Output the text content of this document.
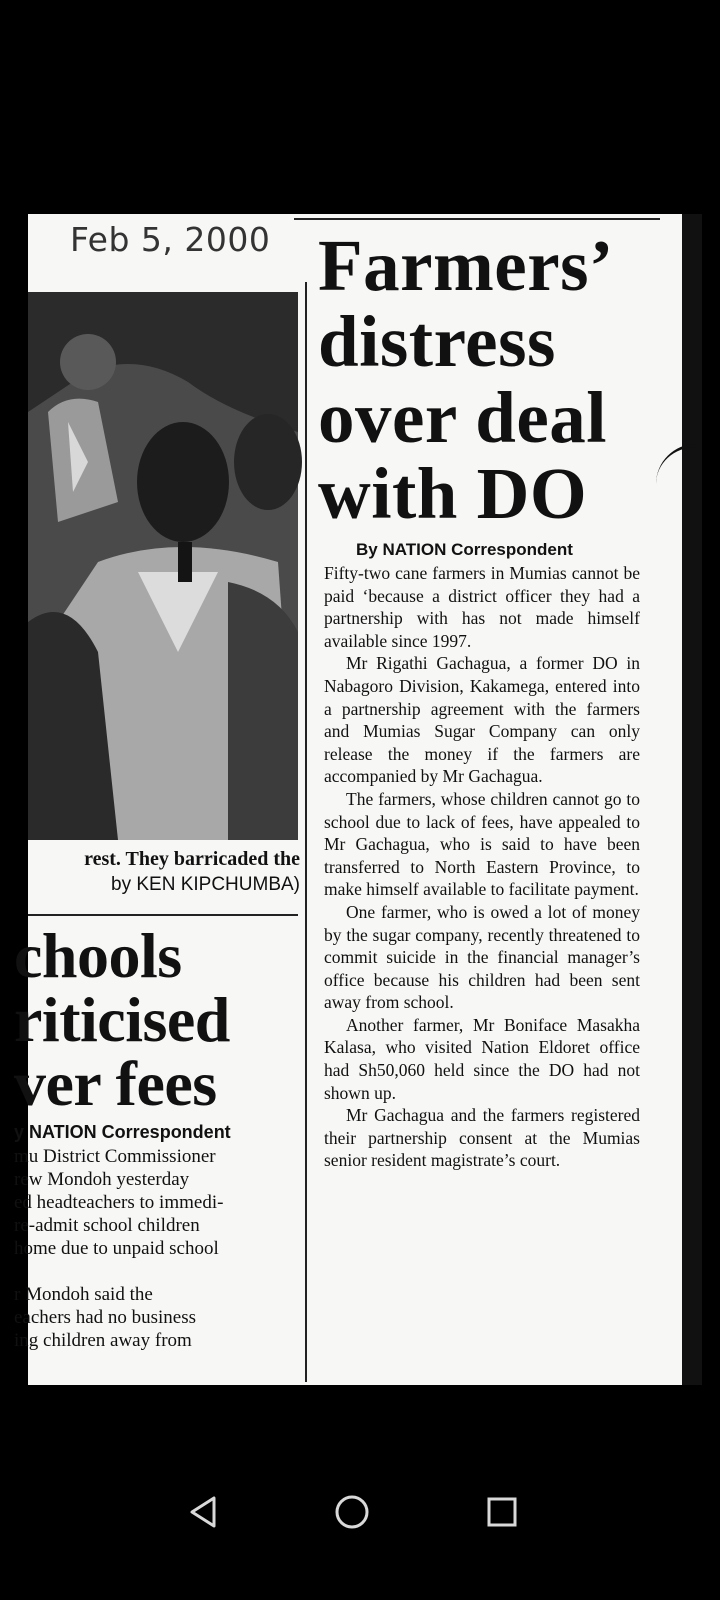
Feb 5, 2000
rest. They barricaded the
by KEN KIPCHUMBA)
chools
riticised
ver fees
y NATION Correspondent
mu District Commissioner
rew Mondoh yesterday
ed headteachers to immedi-
re-admit school children
home due to unpaid school
r Mondoh said the
eachers had no business
ing children away from
Farmers’ distress over deal with DO
By NATION Correspondent

Fifty-two cane farmers in Mumias cannot be paid ‘because a district officer they had a partnership with has not made himself available since 1997.

Mr Rigathi Gachagua, a former DO in Nabagoro Division, Kakamega, entered into a partnership agreement with the farmers and Mumias Sugar Company can only release the money if the farmers are accompanied by Mr Gachagua.

The farmers, whose children cannot go to school due to lack of fees, have appealed to Mr Gachagua, who is said to have been transferred to North Eastern Province, to make himself available to facilitate payment.

One farmer, who is owed a lot of money by the sugar company, recently threatened to commit suicide in the financial manager’s office because his children had been sent away from school.

Another farmer, Mr Boniface Masakha Kalasa, who visited Nation Eldoret office had Sh50,060 held since the DO had not shown up.

Mr Gachagua and the farmers registered their partnership consent at the Mumias senior resident magistrate’s court.
